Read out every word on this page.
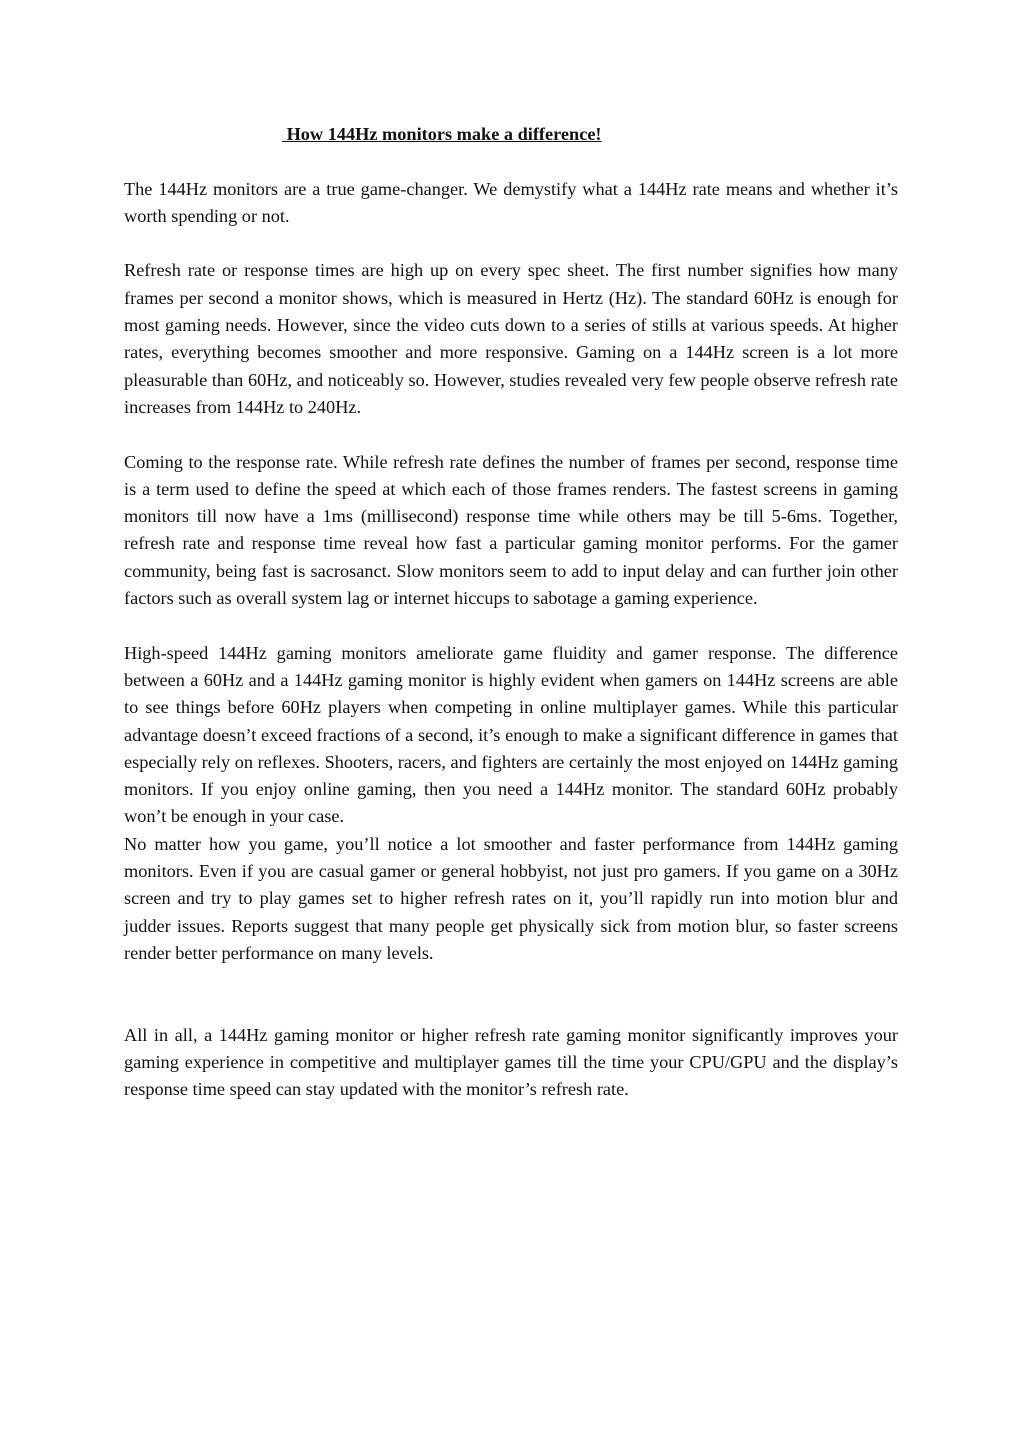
How 144Hz monitors make a difference!

The 144Hz monitors are a true game-changer. We demystify what a 144Hz rate means and whether it’s worth spending or not.

Refresh rate or response times are high up on every spec sheet. The first number signifies how many frames per second a monitor shows, which is measured in Hertz (Hz). The standard 60Hz is enough for most gaming needs. However, since the video cuts down to a series of stills at various speeds. At higher rates, everything becomes smoother and more responsive. Gaming on a 144Hz screen is a lot more pleasurable than 60Hz, and noticeably so. However, studies revealed very few people observe refresh rate increases from 144Hz to 240Hz.

Coming to the response rate. While refresh rate defines the number of frames per second, response time is a term used to define the speed at which each of those frames renders. The fastest screens in gaming monitors till now have a 1ms (millisecond) response time while others may be till 5-6ms. Together, refresh rate and response time reveal how fast a particular gaming monitor performs. For the gamer community, being fast is sacrosanct. Slow monitors seem to add to input delay and can further join other factors such as overall system lag or internet hiccups to sabotage a gaming experience.

High-speed 144Hz gaming monitors ameliorate game fluidity and gamer response. The difference between a 60Hz and a 144Hz gaming monitor is highly evident when gamers on 144Hz screens are able to see things before 60Hz players when competing in online multiplayer games. While this particular advantage doesn’t exceed fractions of a second, it’s enough to make a significant difference in games that especially rely on reflexes. Shooters, racers, and fighters are certainly the most enjoyed on 144Hz gaming monitors. If you enjoy online gaming, then you need a 144Hz monitor. The standard 60Hz probably won’t be enough in your case.

No matter how you game, you’ll notice a lot smoother and faster performance from 144Hz gaming monitors. Even if you are casual gamer or general hobbyist, not just pro gamers. If you game on a 30Hz screen and try to play games set to higher refresh rates on it, you’ll rapidly run into motion blur and judder issues. Reports suggest that many people get physically sick from motion blur, so faster screens render better performance on many levels.

All in all, a 144Hz gaming monitor or higher refresh rate gaming monitor significantly improves your gaming experience in competitive and multiplayer games till the time your CPU/GPU and the display’s response time speed can stay updated with the monitor’s refresh rate.
